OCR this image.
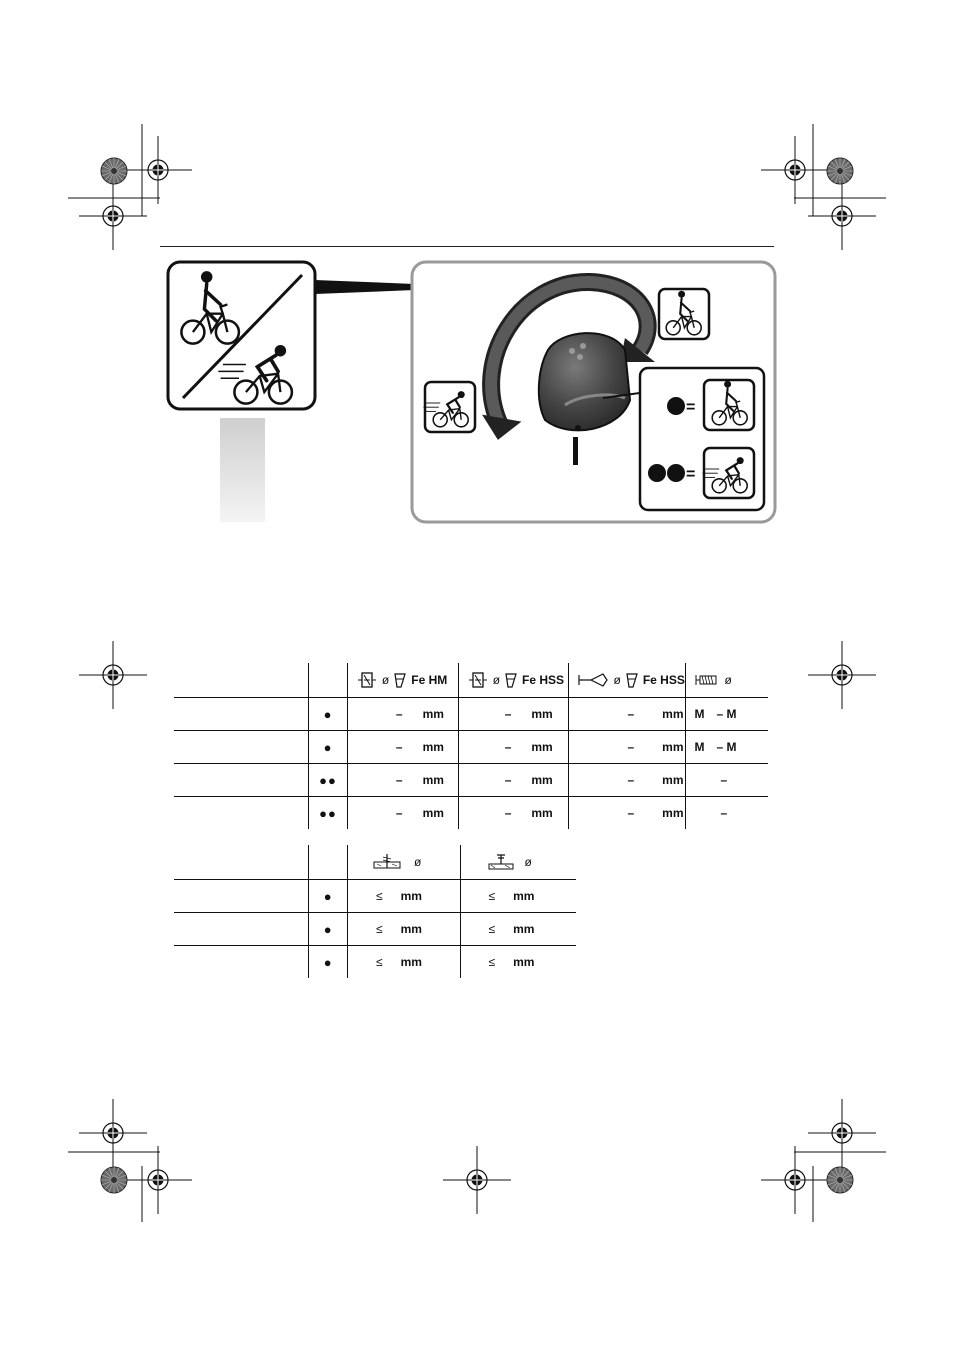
=
=

		ø Fe HM	ø Fe HSS	ø Fe HSS	ø

	●	– mm	– mm	– mm	M – M

	●	– mm	– mm	– mm	M – M

	●●	– mm	– mm	– mm	–

	●●	– mm	– mm	– mm	–

		ø	ø

	●	≤ mm	≤ mm

	●	≤ mm	≤ mm

	●	≤ mm	≤ mm
